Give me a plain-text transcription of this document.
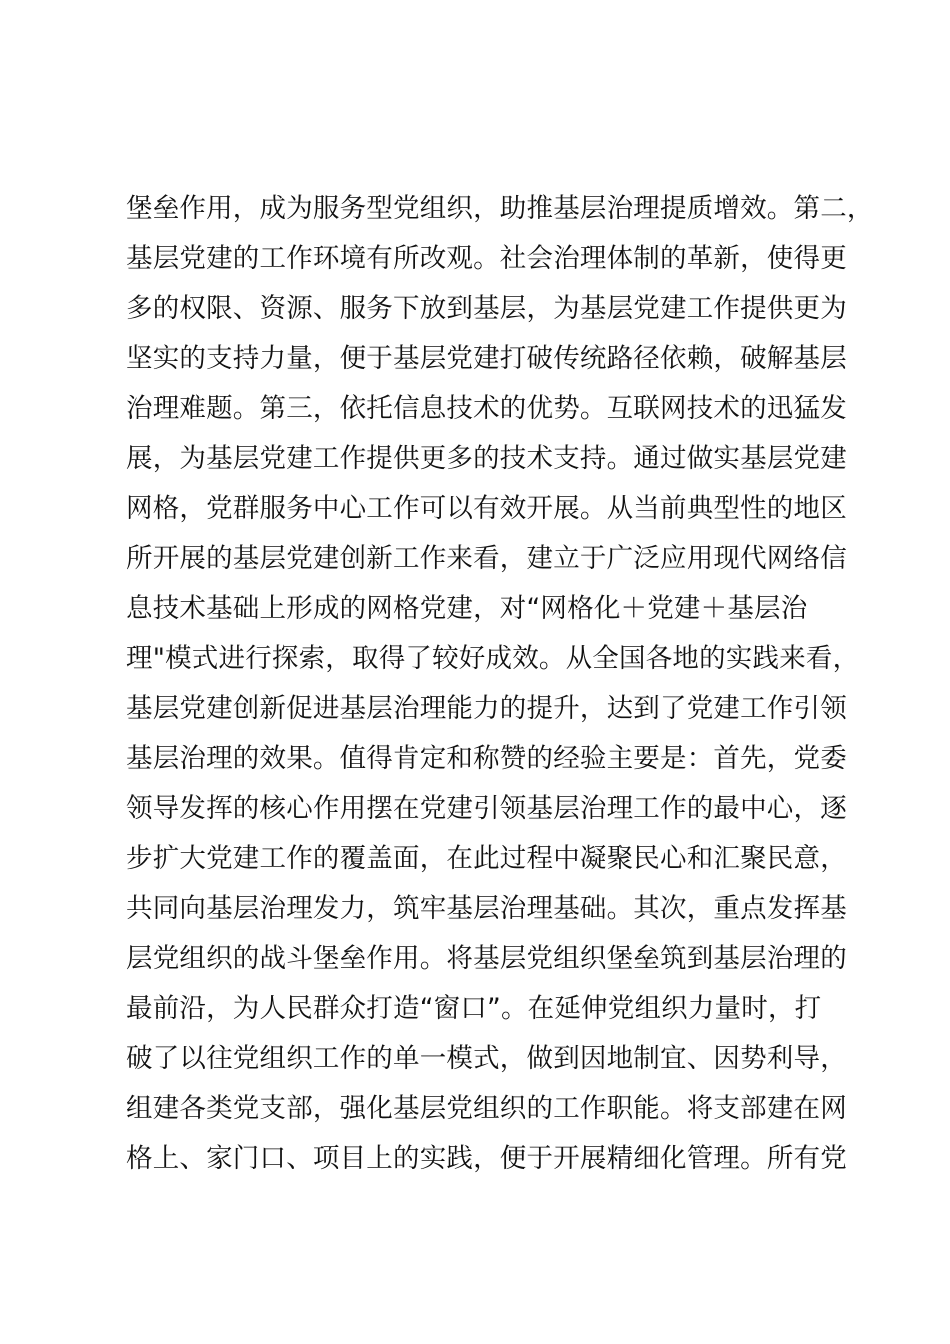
堡垒作用，成为服务型党组织，助推基层治理提质增效。第二，
基层党建的工作环境有所改观。社会治理体制的革新，使得更
多的权限、资源、服务下放到基层，为基层党建工作提供更为
坚实的支持力量，便于基层党建打破传统路径依赖，破解基层
治理难题。第三，依托信息技术的优势。互联网技术的迅猛发
展，为基层党建工作提供更多的技术支持。通过做实基层党建
网格，党群服务中心工作可以有效开展。从当前典型性的地区
所开展的基层党建创新工作来看，建立于广泛应用现代网络信
息技术基础上形成的网格党建，对“网格化＋党建＋基层治
理"模式进行探索，取得了较好成效。从全国各地的实践来看，
基层党建创新促进基层治理能力的提升，达到了党建工作引领
基层治理的效果。值得肯定和称赞的经验主要是：首先，党委
领导发挥的核心作用摆在党建引领基层治理工作的最中心，逐
步扩大党建工作的覆盖面，在此过程中凝聚民心和汇聚民意，
共同向基层治理发力，筑牢基层治理基础。其次，重点发挥基
层党组织的战斗堡垒作用。将基层党组织堡垒筑到基层治理的
最前沿，为人民群众打造“窗口”。在延伸党组织力量时，打
破了以往党组织工作的单一模式，做到因地制宜、因势利导，
组建各类党支部，强化基层党组织的工作职能。将支部建在网
格上、家门口、项目上的实践，便于开展精细化管理。所有党
